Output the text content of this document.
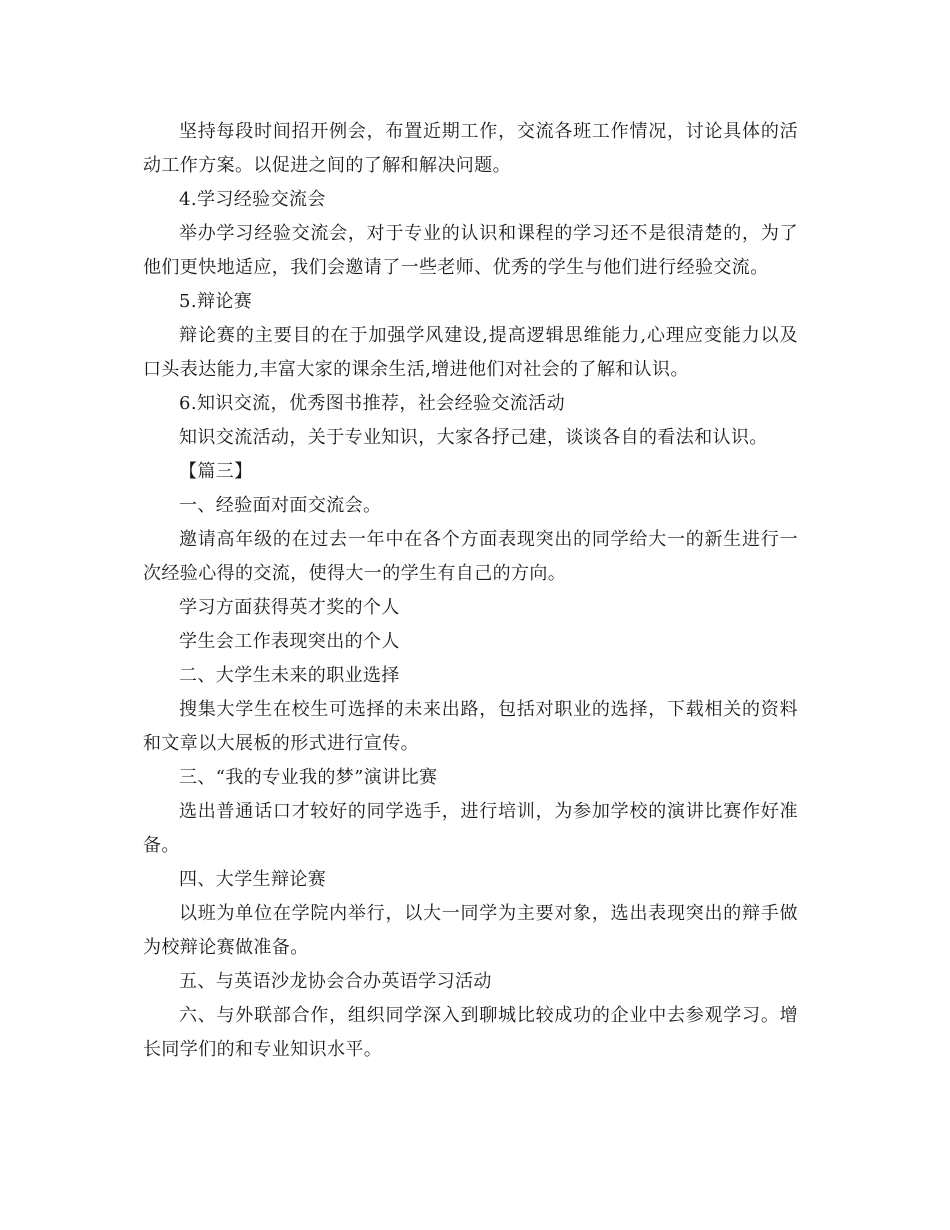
坚持每段时间招开例会，布置近期工作，交流各班工作情况，讨论具体的活动工作方案。以促进之间的了解和解决问题。

4.学习经验交流会

举办学习经验交流会，对于专业的认识和课程的学习还不是很清楚的，为了他们更快地适应，我们会邀请了一些老师、优秀的学生与他们进行经验交流。

5.辩论赛

辩论赛的主要目的在于加强学风建设,提高逻辑思维能力,心理应变能力以及口头表达能力,丰富大家的课余生活,增进他们对社会的了解和认识。

6.知识交流，优秀图书推荐，社会经验交流活动

知识交流活动，关于专业知识，大家各抒己建，谈谈各自的看法和认识。

【篇三】

一、经验面对面交流会。

邀请高年级的在过去一年中在各个方面表现突出的同学给大一的新生进行一次经验心得的交流，使得大一的学生有自己的方向。

学习方面获得英才奖的个人

学生会工作表现突出的个人

二、大学生未来的职业选择

搜集大学生在校生可选择的未来出路，包括对职业的选择，下载相关的资料和文章以大展板的形式进行宣传。

三、“我的专业我的梦”演讲比赛

选出普通话口才较好的同学选手，进行培训，为参加学校的演讲比赛作好准备。

四、大学生辩论赛

以班为单位在学院内举行，以大一同学为主要对象，选出表现突出的辩手做为校辩论赛做准备。

五、与英语沙龙协会合办英语学习活动

六、与外联部合作，组织同学深入到聊城比较成功的企业中去参观学习。增长同学们的和专业知识水平。
